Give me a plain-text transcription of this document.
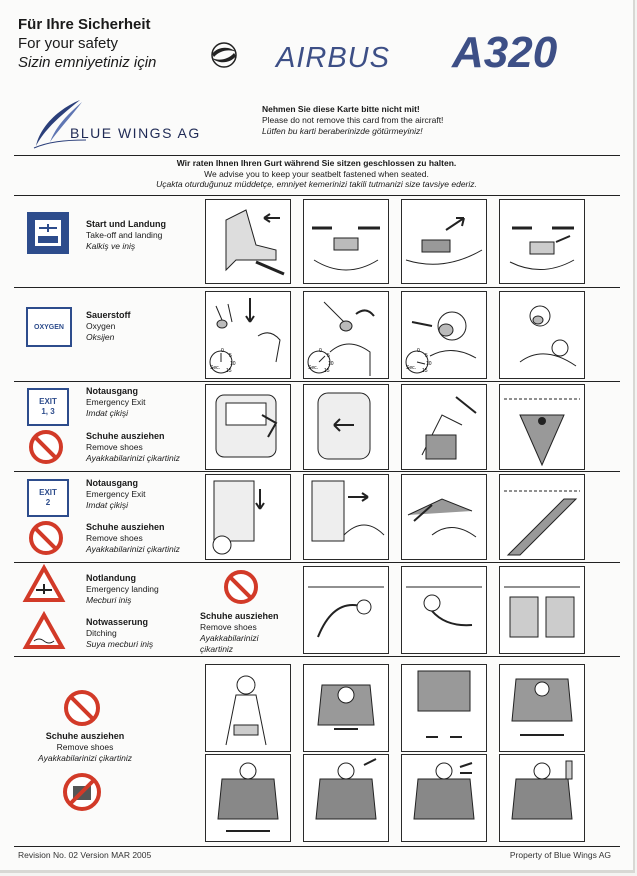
Für Ihre Sicherheit
For your safety
Sizin emniyetiniz için	AIRBUS A320
BLUE WINGS AG
Nehmen Sie diese Karte bitte nicht mit!
Please do not remove this card from the aircraft!
Lütfen bu karti beraberinizde götürmeyiniz!
Wir raten Ihnen Ihren Gurt während Sie sitzen geschlossen zu halten.
We advise you to keep your seatbelt fastened when seated.
Uçakta oturduğunuz müddetçe, emniyet kemerinizi takili tutmanizi size tavsiye ederiz.
Start und Landung
Take-off and landing
Kalkiş ve iniş
OXYGEN
Sauerstoff
Oxygen
Oksijen
0
5
10
15
Sec.
0
5
10
15
Sec.
0
5
10
15
Sec.
EXIT
1, 3
Notausgang
Emergency Exit
Imdat çikişi
Schuhe ausziehen
Remove shoes
Ayakkabilarinizi çikartiniz
EXIT
2
Notausgang
Emergency Exit
Imdat çikişi
Schuhe ausziehen
Remove shoes
Ayakkabilarinizi çikartiniz
Notlandung
Emergency landing
Mecburi iniş
Notwasserung
Ditching
Suya mecburi iniş
Schuhe ausziehen
Remove shoes
Ayakkabilarinizi çikartiniz
Schuhe ausziehen
Remove shoes
Ayakkabilarinizi çikartiniz
Revision No. 02 Version MAR 2005	Property of Blue Wings AG
